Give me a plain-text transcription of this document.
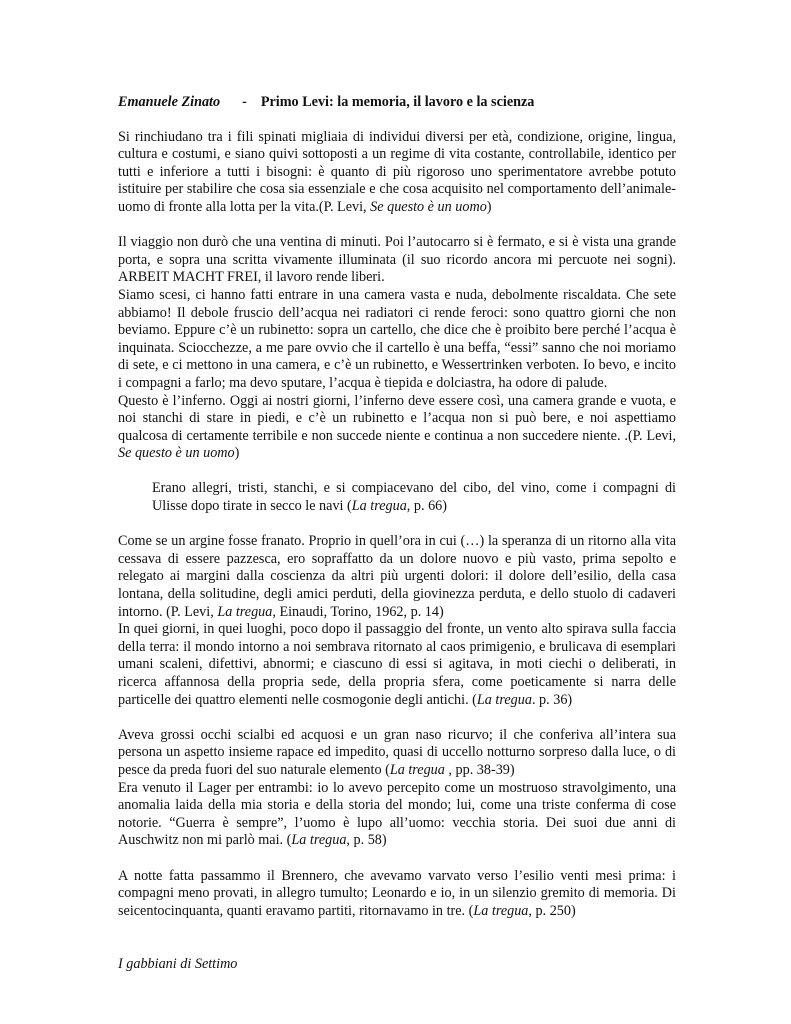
Emanuele Zinato - Primo Levi: la memoria, il lavoro e la scienza

Si rinchiudano tra i fili spinati migliaia di individui diversi per età, condizione, origine, lingua, cultura e costumi, e siano quivi sottoposti a un regime di vita costante, controllabile, identico per tutti e inferiore a tutti i bisogni: è quanto di più rigoroso uno sperimentatore avrebbe potuto istituire per stabilire che cosa sia essenziale e che cosa acquisito nel comportamento dell’animale-uomo di fronte alla lotta per la vita.(P. Levi, Se questo è un uomo)

Il viaggio non durò che una ventina di minuti. Poi l’autocarro si è fermato, e si è vista una grande porta, e sopra una scritta vivamente illuminata (il suo ricordo ancora mi percuote nei sogni). ARBEIT MACHT FREI, il lavoro rende liberi.

Siamo scesi, ci hanno fatti entrare in una camera vasta e nuda, debolmente riscaldata. Che sete abbiamo! Il debole fruscio dell’acqua nei radiatori ci rende feroci: sono quattro giorni che non beviamo. Eppure c’è un rubinetto: sopra un cartello, che dice che è proibito bere perché l’acqua è inquinata. Sciocchezze, a me pare ovvio che il cartello è una beffa, “essi” sanno che noi moriamo di sete, e ci mettono in una camera, e c’è un rubinetto, e Wessertrinken verboten. Io bevo, e incito i compagni a farlo; ma devo sputare, l’acqua è tiepida e dolciastra, ha odore di palude.

Questo è l’inferno. Oggi ai nostri giorni, l’inferno deve essere così, una camera grande e vuota, e noi stanchi di stare in piedi, e c’è un rubinetto e l’acqua non si può bere, e noi aspettiamo qualcosa di certamente terribile e non succede niente e continua a non succedere niente. .(P. Levi, Se questo è un uomo)

Erano allegri, tristi, stanchi, e si compiacevano del cibo, del vino, come i compagni di Ulisse dopo tirate in secco le navi (La tregua, p. 66)

Come se un argine fosse franato. Proprio in quell’ora in cui (…) la speranza di un ritorno alla vita cessava di essere pazzesca, ero sopraffatto da un dolore nuovo e più vasto, prima sepolto e relegato ai margini dalla coscienza da altri più urgenti dolori: il dolore dell’esilio, della casa lontana, della solitudine, degli amici perduti, della giovinezza perduta, e dello stuolo di cadaveri intorno. (P. Levi, La tregua, Einaudi, Torino, 1962, p. 14)

In quei giorni, in quei luoghi, poco dopo il passaggio del fronte, un vento alto spirava sulla faccia della terra: il mondo intorno a noi sembrava ritornato al caos primigenio, e brulicava di esemplari umani scaleni, difettivi, abnormi; e ciascuno di essi si agitava, in moti ciechi o deliberati, in ricerca affannosa della propria sede, della propria sfera, come poeticamente si narra delle particelle dei quattro elementi nelle cosmogonie degli antichi. (La tregua. p. 36)

Aveva grossi occhi scialbi ed acquosi e un gran naso ricurvo; il che conferiva all’intera sua persona un aspetto insieme rapace ed impedito, quasi di uccello notturno sorpreso dalla luce, o di pesce da preda fuori del suo naturale elemento (La tregua , pp. 38-39)

Era venuto il Lager per entrambi: io lo avevo percepito come un mostruoso stravolgimento, una anomalia laida della mia storia e della storia del mondo; lui, come una triste conferma di cose notorie. “Guerra è sempre”, l’uomo è lupo all’uomo: vecchia storia. Dei suoi due anni di Auschwitz non mi parlò mai. (La tregua, p. 58)

A notte fatta passammo il Brennero, che avevamo varvato verso l’esilio venti mesi prima: i compagni meno provati, in allegro tumulto; Leonardo e io, in un silenzio gremito di memoria. Di seicentocinquanta, quanti eravamo partiti, ritornavamo in tre. (La tregua, p. 250)

I gabbiani di Settimo
